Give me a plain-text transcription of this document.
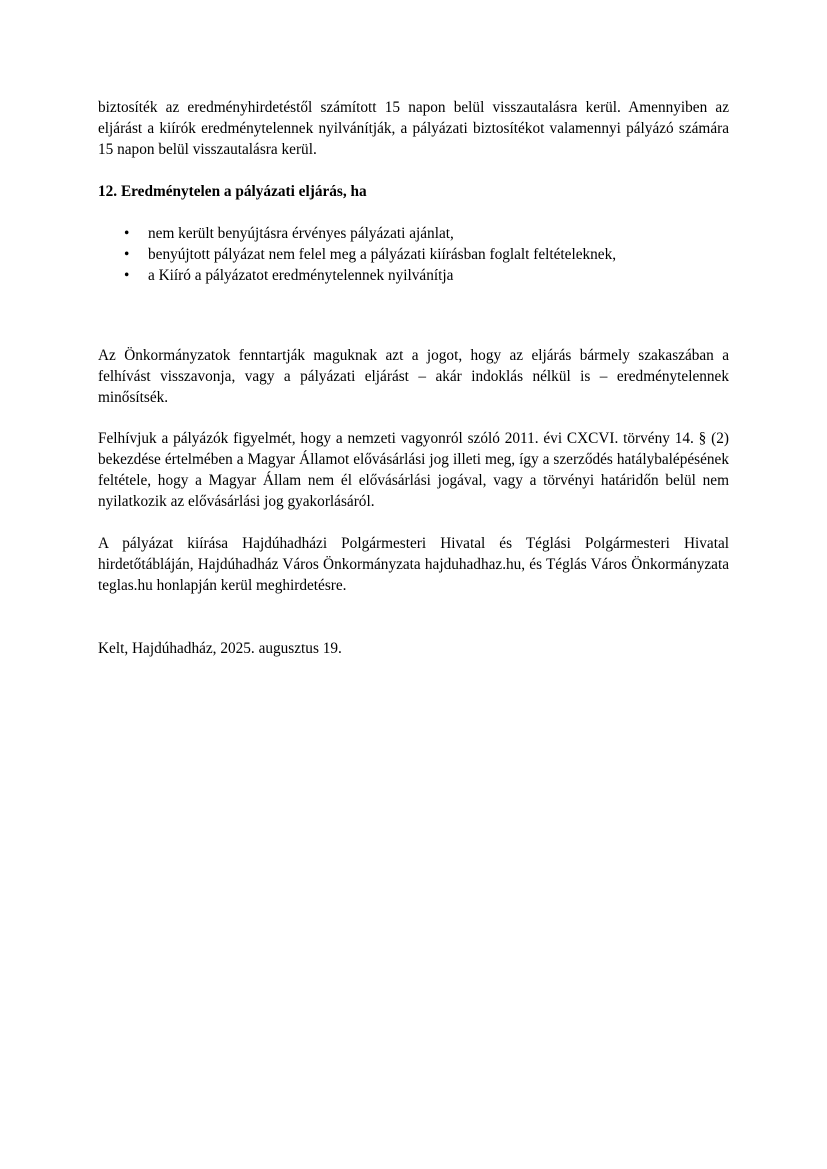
biztosíték az eredményhirdetéstől számított 15 napon belül visszautalásra kerül. Amennyiben az eljárást a kiírók eredménytelennek nyilvánítják, a pályázati biztosítékot valamennyi pályázó számára 15 napon belül visszautalásra kerül.

12. Eredménytelen a pályázati eljárás, ha

• nem került benyújtásra érvényes pályázati ajánlat,
• benyújtott pályázat nem felel meg a pályázati kiírásban foglalt feltételeknek,
• a Kiíró a pályázatot eredménytelennek nyilvánítja

Az Önkormányzatok fenntartják maguknak azt a jogot, hogy az eljárás bármely szakaszában a felhívást visszavonja, vagy a pályázati eljárást – akár indoklás nélkül is – eredménytelennek minősítsék.

Felhívjuk a pályázók figyelmét, hogy a nemzeti vagyonról szóló 2011. évi CXCVI. törvény 14. § (2) bekezdése értelmében a Magyar Államot elővásárlási jog illeti meg, így a szerződés hatálybalépésének feltétele, hogy a Magyar Állam nem él elővásárlási jogával, vagy a törvényi határidőn belül nem nyilatkozik az elővásárlási jog gyakorlásáról.

A pályázat kiírása Hajdúhadházi Polgármesteri Hivatal és Téglási Polgármesteri Hivatal hirdetőtábláján, Hajdúhadház Város Önkormányzata hajduhadhaz.hu, és Téglás Város Önkormányzata teglas.hu honlapján kerül meghirdetésre.

Kelt, Hajdúhadház, 2025. augusztus 19.
